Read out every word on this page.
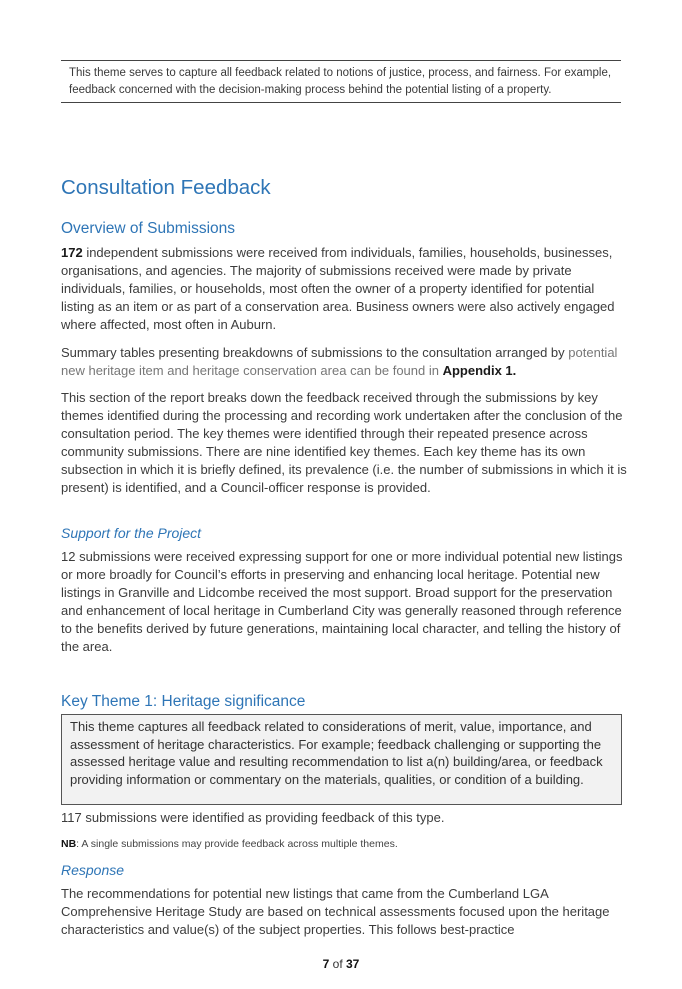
This theme serves to capture all feedback related to notions of justice, process, and fairness. For example, feedback concerned with the decision-making process behind the potential listing of a property.
Consultation Feedback
Overview of Submissions

172 independent submissions were received from individuals, families, households, businesses, organisations, and agencies. The majority of submissions received were made by private individuals, families, or households, most often the owner of a property identified for potential listing as an item or as part of a conservation area. Business owners were also actively engaged where affected, most often in Auburn.

Summary tables presenting breakdowns of submissions to the consultation arranged by potential new heritage item and heritage conservation area can be found in Appendix 1.

This section of the report breaks down the feedback received through the submissions by key themes identified during the processing and recording work undertaken after the conclusion of the consultation period. The key themes were identified through their repeated presence across community submissions. There are nine identified key themes. Each key theme has its own subsection in which it is briefly defined, its prevalence (i.e. the number of submissions in which it is present) is identified, and a Council-officer response is provided.

Support for the Project

12 submissions were received expressing support for one or more individual potential new listings or more broadly for Council’s efforts in preserving and enhancing local heritage. Potential new listings in Granville and Lidcombe received the most support. Broad support for the preservation and enhancement of local heritage in Cumberland City was generally reasoned through reference to the benefits derived by future generations, maintaining local character, and telling the history of the area.

Key Theme 1: Heritage significance
This theme captures all feedback related to considerations of merit, value, importance, and assessment of heritage characteristics. For example; feedback challenging or supporting the assessed heritage value and resulting recommendation to list a(n) building/area, or feedback providing information or commentary on the materials, qualities, or condition of a building.

117 submissions were identified as providing feedback of this type.

NB: A single submissions may provide feedback across multiple themes.
Response

The recommendations for potential new listings that came from the Cumberland LGA Comprehensive Heritage Study are based on technical assessments focused upon the heritage characteristics and value(s) of the subject properties. This follows best-practice

7 of 37
